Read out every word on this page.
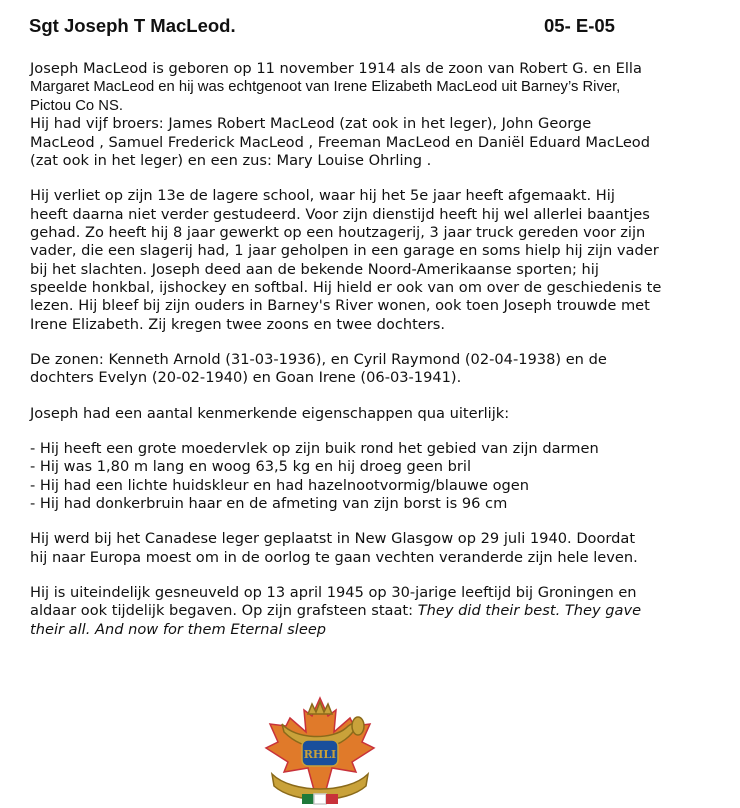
Sgt Joseph T MacLeod.	05- E-05
Joseph MacLeod is geboren op 11 november 1914 als de zoon van Robert G. en Ella
Margaret MacLeod en hij was echtgenoot van Irene Elizabeth MacLeod uit Barney’s River,
Pictou Co NS.
Hij had vijf broers: James Robert MacLeod (zat ook in het leger), John George
MacLeod , Samuel Frederick MacLeod , Freeman MacLeod en Daniël Eduard MacLeod
(zat ook in het leger) en een zus: Mary Louise Ohrling .
Hij verliet op zijn 13e de lagere school, waar hij het 5e jaar heeft afgemaakt. Hij
heeft daarna niet verder gestudeerd. Voor zijn dienstijd heeft hij wel allerlei baantjes
gehad. Zo heeft hij 8 jaar gewerkt op een houtzagerij, 3 jaar truck gereden voor zijn
vader, die een slagerij had, 1 jaar geholpen in een garage en soms hielp hij zijn vader
bij het slachten. Joseph deed aan de bekende Noord-Amerikaanse sporten; hij
speelde honkbal, ijshockey en softbal. Hij hield er ook van om over de geschiedenis te
lezen. Hij bleef bij zijn ouders in Barney's River wonen, ook toen Joseph trouwde met
Irene Elizabeth. Zij kregen twee zoons en twee dochters.
De zonen: Kenneth Arnold (31-03-1936), en Cyril Raymond (02-04-1938) en de
dochters Evelyn (20-02-1940) en Goan Irene (06-03-1941).
Joseph had een aantal kenmerkende eigenschappen qua uiterlijk:
- Hij heeft een grote moedervlek op zijn buik rond het gebied van zijn darmen
- Hij was 1,80 m lang en woog 63,5 kg en hij droeg geen bril
- Hij had een lichte huidskleur en had hazelnootvormig/blauwe ogen
- Hij had donkerbruin haar en de afmeting van zijn borst is 96 cm
Hij werd bij het Canadese leger geplaatst in New Glasgow op 29 juli 1940. Doordat
hij naar Europa moest om in de oorlog te gaan vechten veranderde zijn hele leven.
Hij is uiteindelijk gesneuveld op 13 april 1945 op 30-jarige leeftijd bij Groningen en
aldaar ook tijdelijk begaven. Op zijn grafsteen staat: They did their best. They gave
their all. And now for them Eternal sleep
RHLI
